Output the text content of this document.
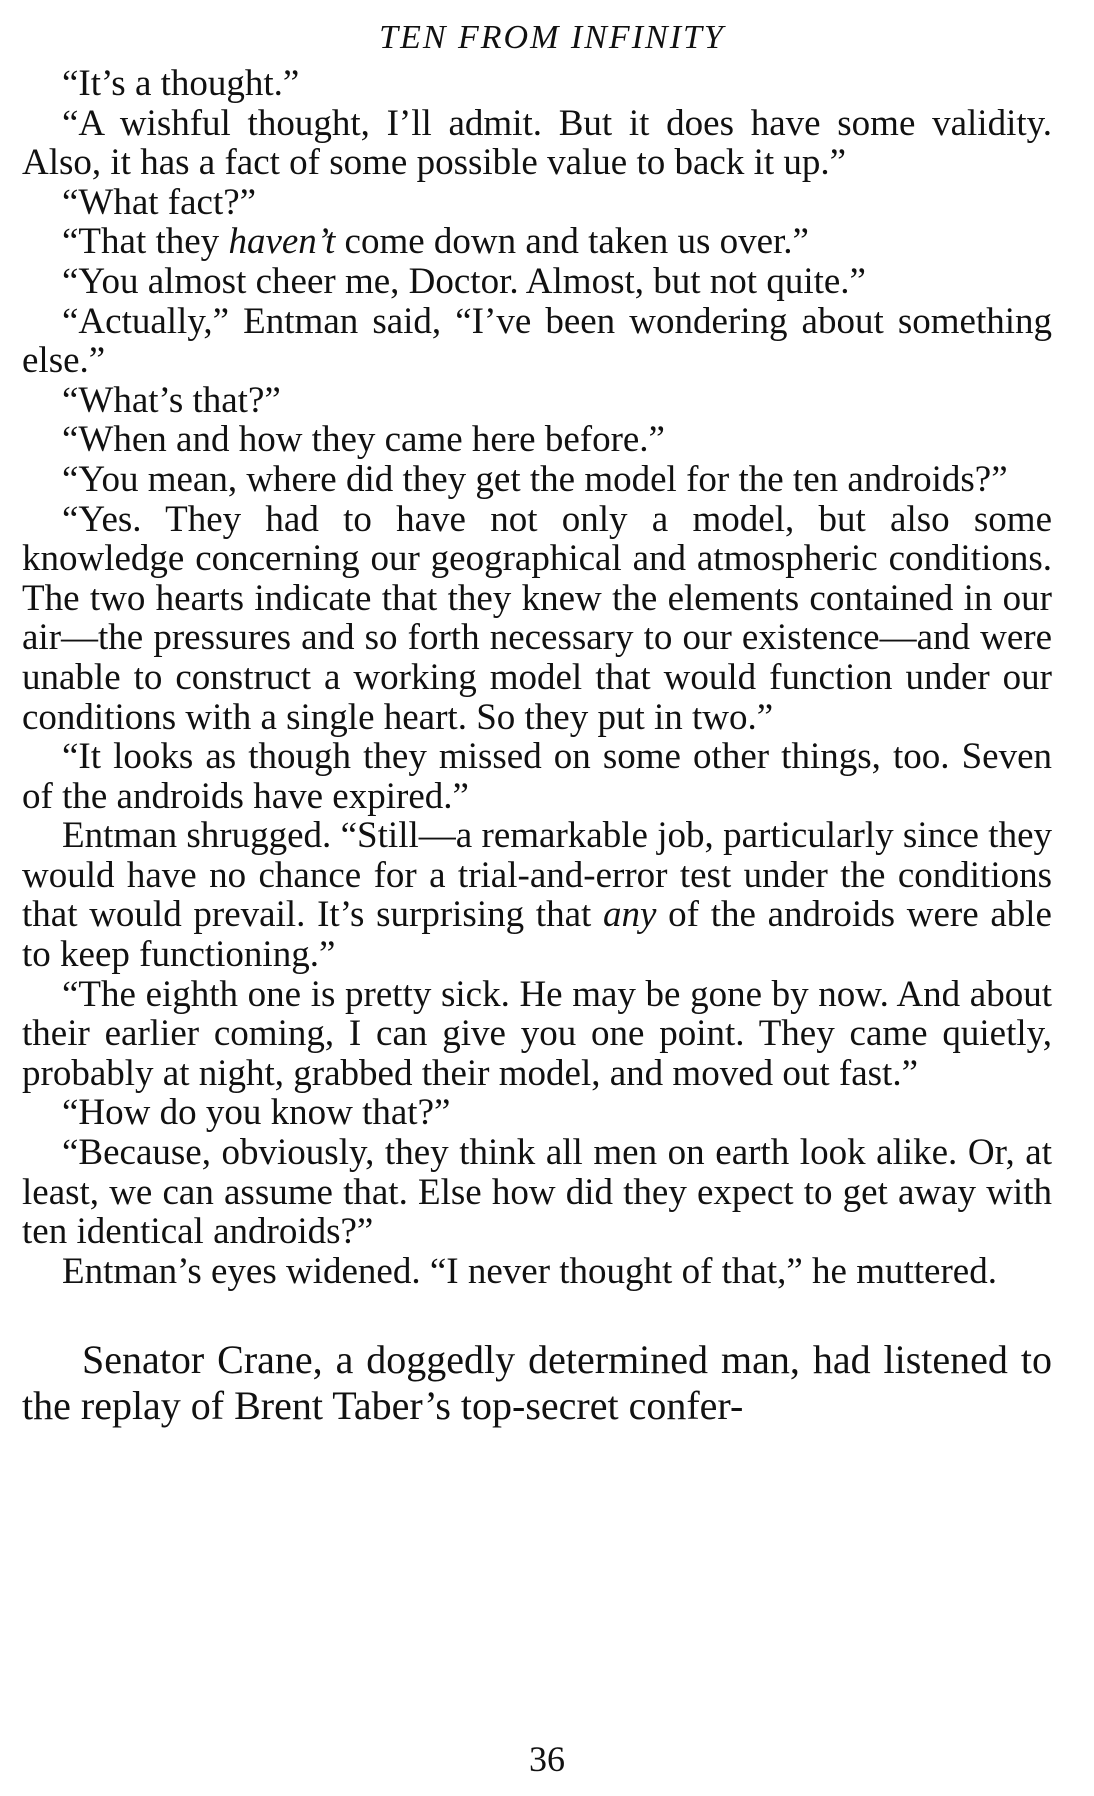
TEN FROM INFINITY

“It’s a thought.”

“A wishful thought, I’ll admit. But it does have some validity. Also, it has a fact of some possible value to back it up.”

“What fact?”

“That they haven’t come down and taken us over.”

“You almost cheer me, Doctor. Almost, but not quite.”

“Actually,” Entman said, “I’ve been wondering about something else.”

“What’s that?”

“When and how they came here before.”

“You mean, where did they get the model for the ten androids?”

“Yes. They had to have not only a model, but also some knowledge concerning our geographical and atmospheric conditions. The two hearts indicate that they knew the elements contained in our air—the pressures and so forth necessary to our existence—and were unable to construct a working model that would function under our conditions with a single heart. So they put in two.”

“It looks as though they missed on some other things, too. Seven of the androids have expired.”

Entman shrugged. “Still—a remarkable job, particularly since they would have no chance for a trial-and-error test under the conditions that would prevail. It’s surprising that any of the androids were able to keep functioning.”

“The eighth one is pretty sick. He may be gone by now. And about their earlier coming, I can give you one point. They came quietly, probably at night, grabbed their model, and moved out fast.”

“How do you know that?”

“Because, obviously, they think all men on earth look alike. Or, at least, we can assume that. Else how did they expect to get away with ten identical androids?”

Entman’s eyes widened. “I never thought of that,” he muttered.

Senator Crane, a doggedly determined man, had listened to the replay of Brent Taber’s top-secret confer-

36
